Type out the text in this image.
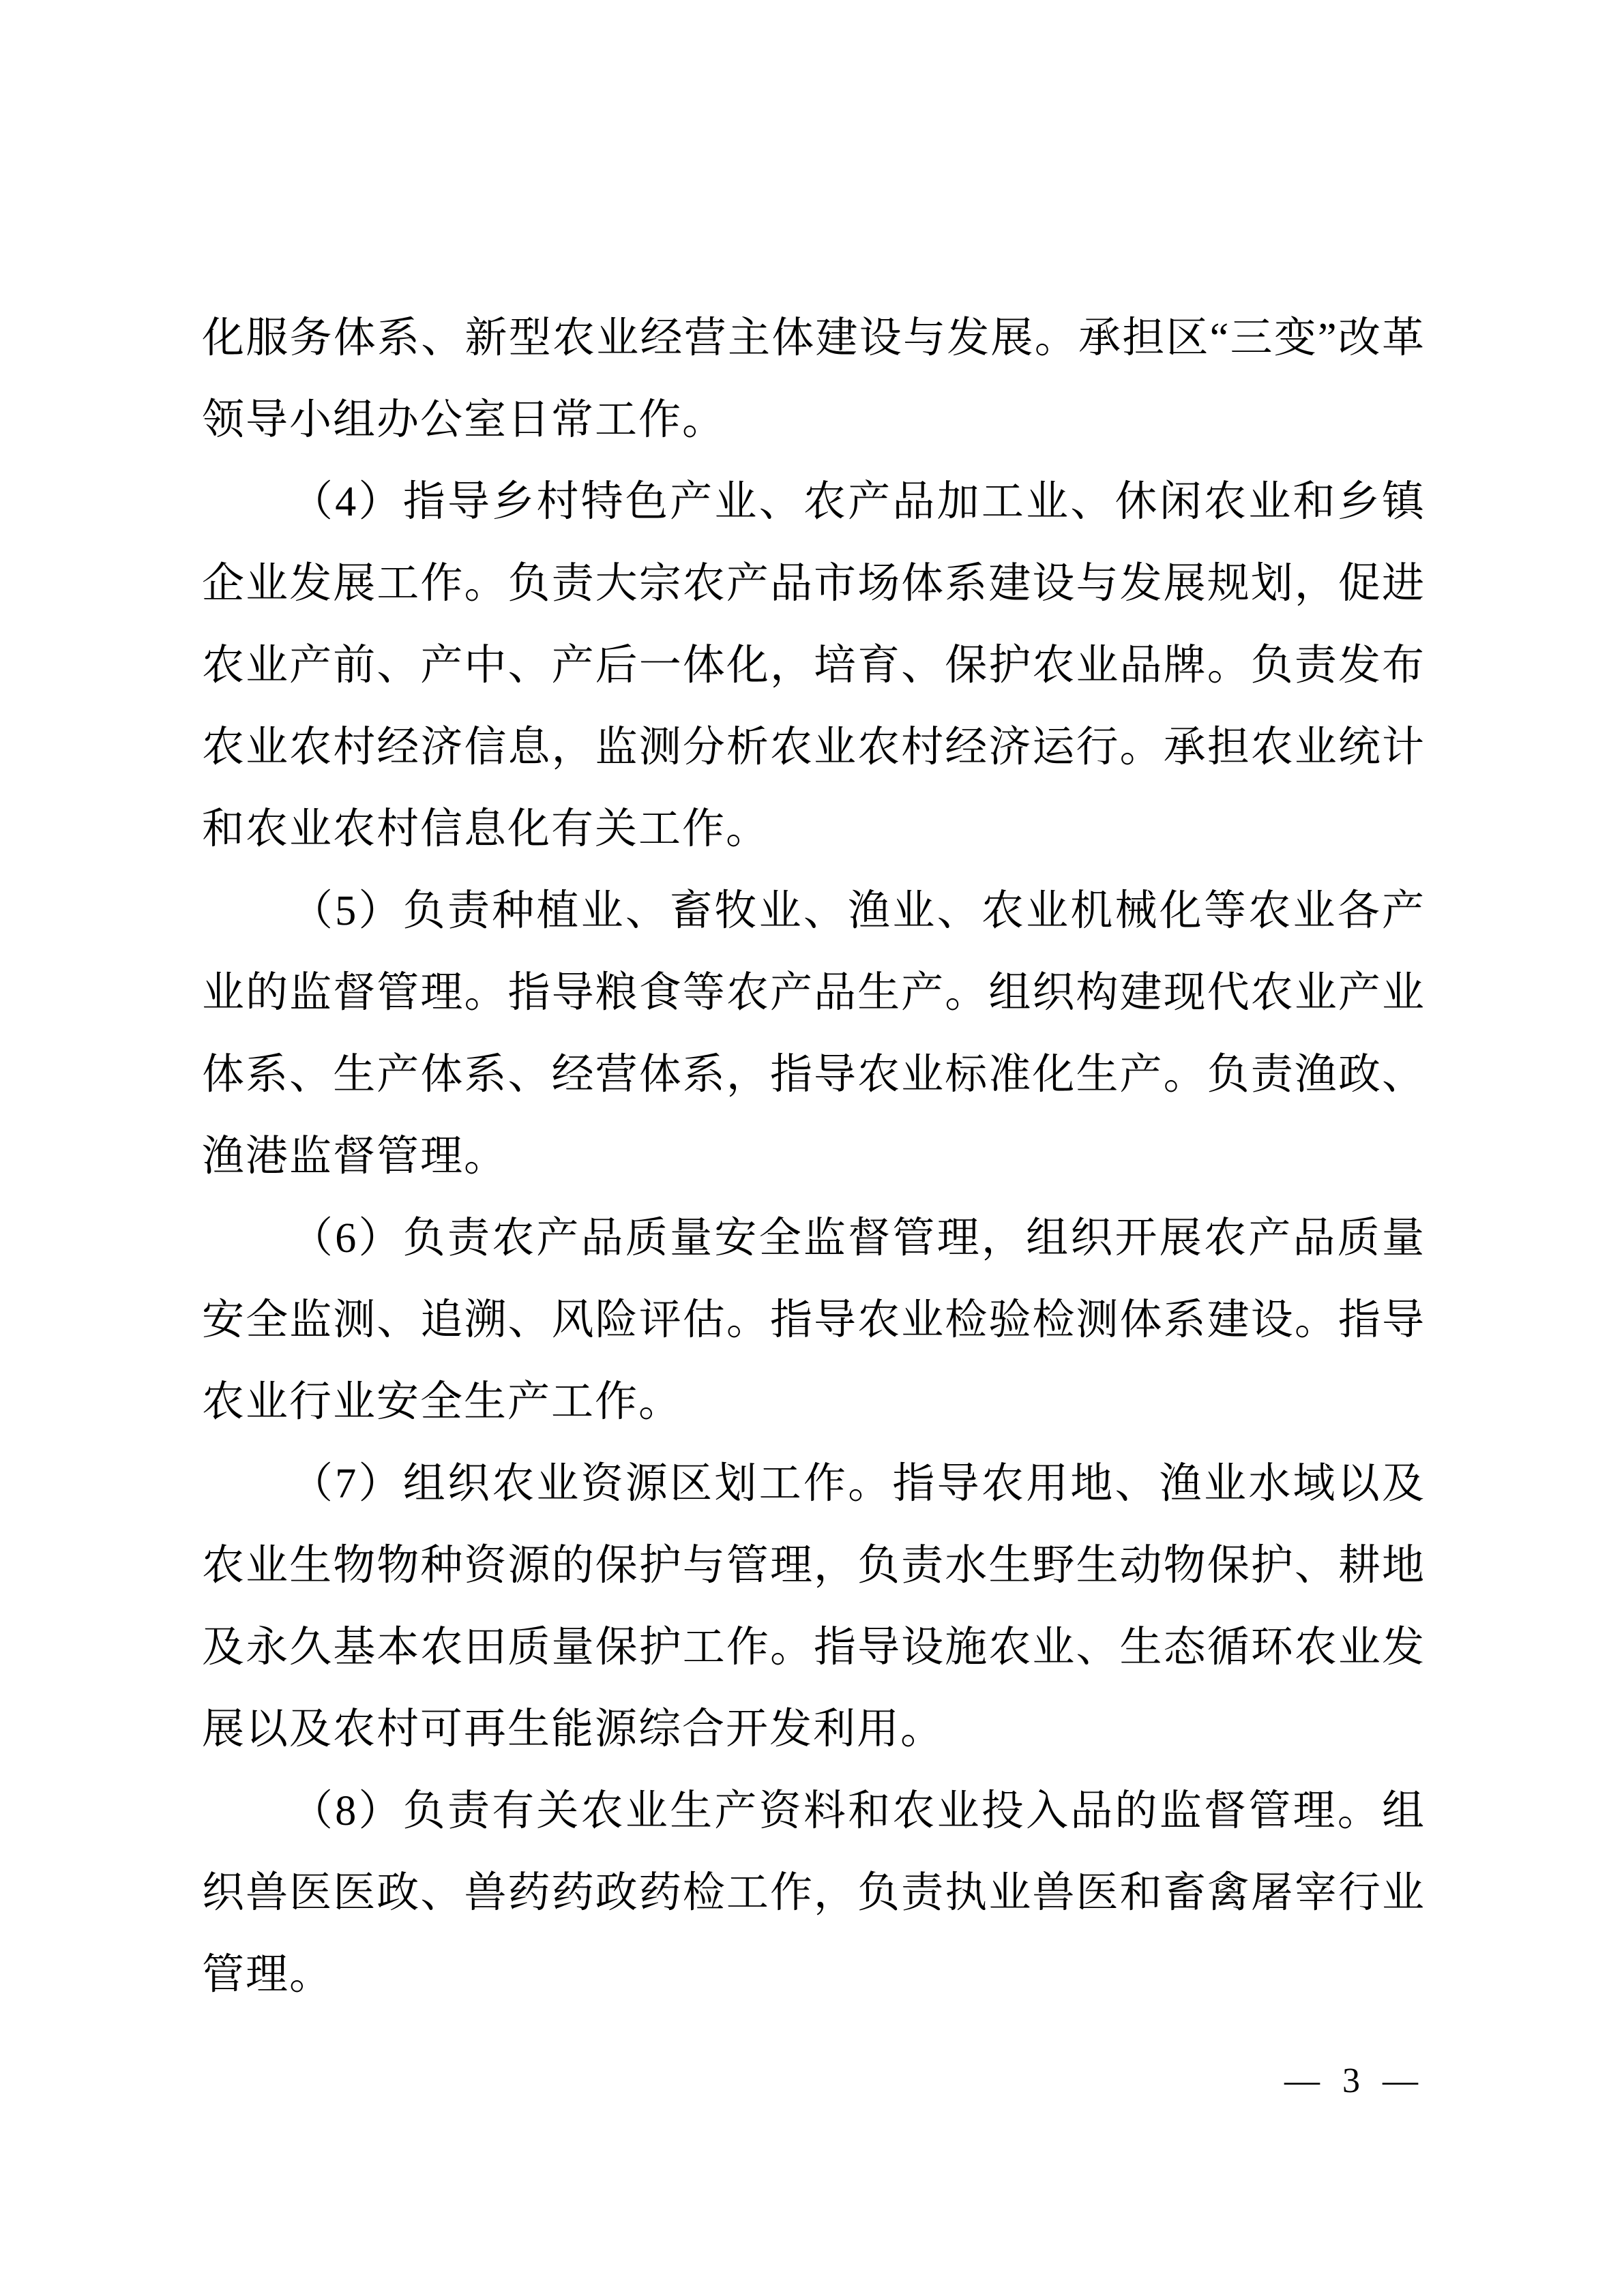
化服务体系、新型农业经营主体建设与发展。承担区“三变”改革领导小组办公室日常工作。

（4）指导乡村特色产业、农产品加工业、休闲农业和乡镇企业发展工作。负责大宗农产品市场体系建设与发展规划，促进农业产前、产中、产后一体化，培育、保护农业品牌。负责发布农业农村经济信息，监测分析农业农村经济运行。承担农业统计和农业农村信息化有关工作。

（5）负责种植业、畜牧业、渔业、农业机械化等农业各产业的监督管理。指导粮食等农产品生产。组织构建现代农业产业体系、生产体系、经营体系，指导农业标准化生产。负责渔政、渔港监督管理。

（6）负责农产品质量安全监督管理，组织开展农产品质量安全监测、追溯、风险评估。指导农业检验检测体系建设。指导农业行业安全生产工作。

（7）组织农业资源区划工作。指导农用地、渔业水域以及农业生物物种资源的保护与管理，负责水生野生动物保护、耕地及永久基本农田质量保护工作。指导设施农业、生态循环农业发展以及农村可再生能源综合开发利用。

（8）负责有关农业生产资料和农业投入品的监督管理。组织兽医医政、兽药药政药检工作，负责执业兽医和畜禽屠宰行业管理。

— 3 —
